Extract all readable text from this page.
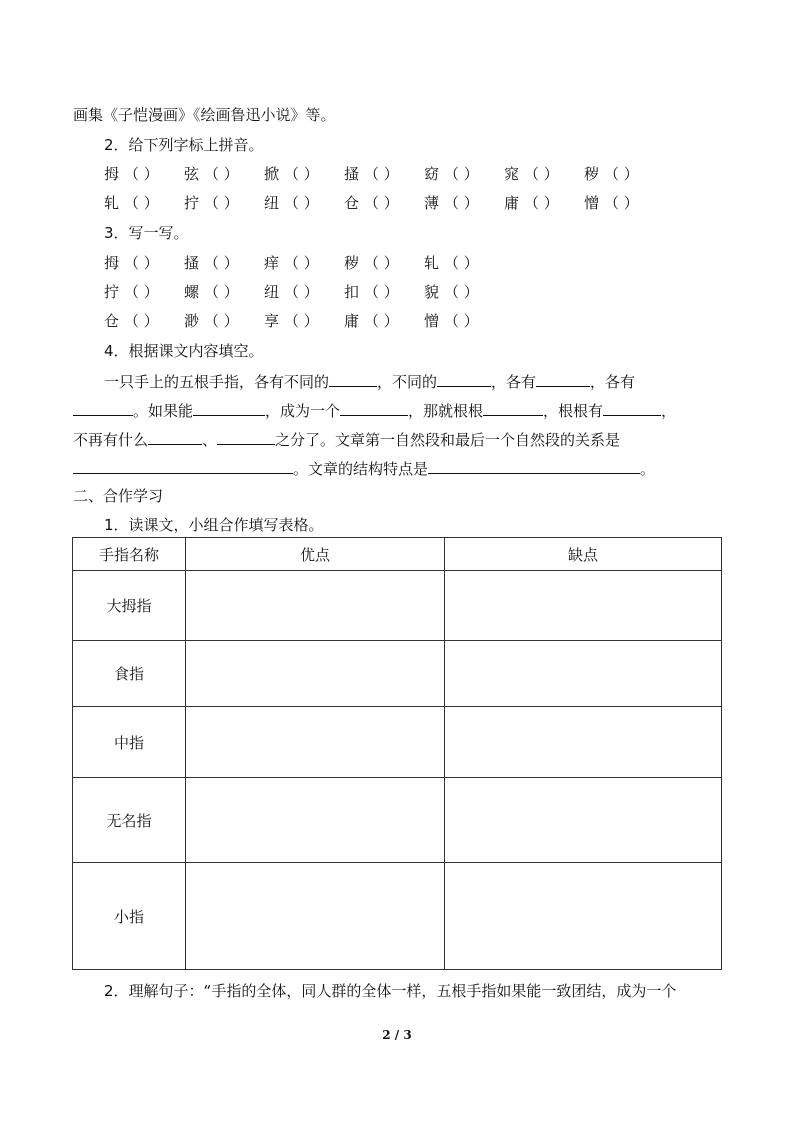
画集《子恺漫画》《绘画鲁迅小说》等。
2．给下列字标上拼音。
拇 （ ） 弦 （ ） 掀 （ ） 搔 （ ） 窈 （ ） 窕 （ ） 秽 （ ）
轧 （ ） 拧 （ ） 纽 （ ） 仓 （ ） 薄 （ ） 庸 （ ） 憎 （ ）
3．写一写。
拇 （ ） 搔 （ ） 痒 （ ） 秽 （ ） 轧 （ ）
拧 （ ） 螺 （ ） 纽 （ ） 扣 （ ） 貌 （ ）
仓 （ ） 渺 （ ） 享 （ ） 庸 （ ） 憎 （ ）
4．根据课文内容填空。
一只手上的五根手指，各有不同的	，不同的	，各有	，各有
。如果能	，成为一个	，那就根根	，根根有	，
不再有什么	、	之分了。文章第一自然段和最后一个自然段的关系是
。文章的结构特点是	。
二、合作学习
1．读课文，小组合作填写表格。
手指名称	优点	缺点
大拇指		
食指		
中指		
无名指		
小指		
2．理解句子：“手指的全体，同人群的全体一样，五根手指如果能一致团结，成为一个
2 / 3
